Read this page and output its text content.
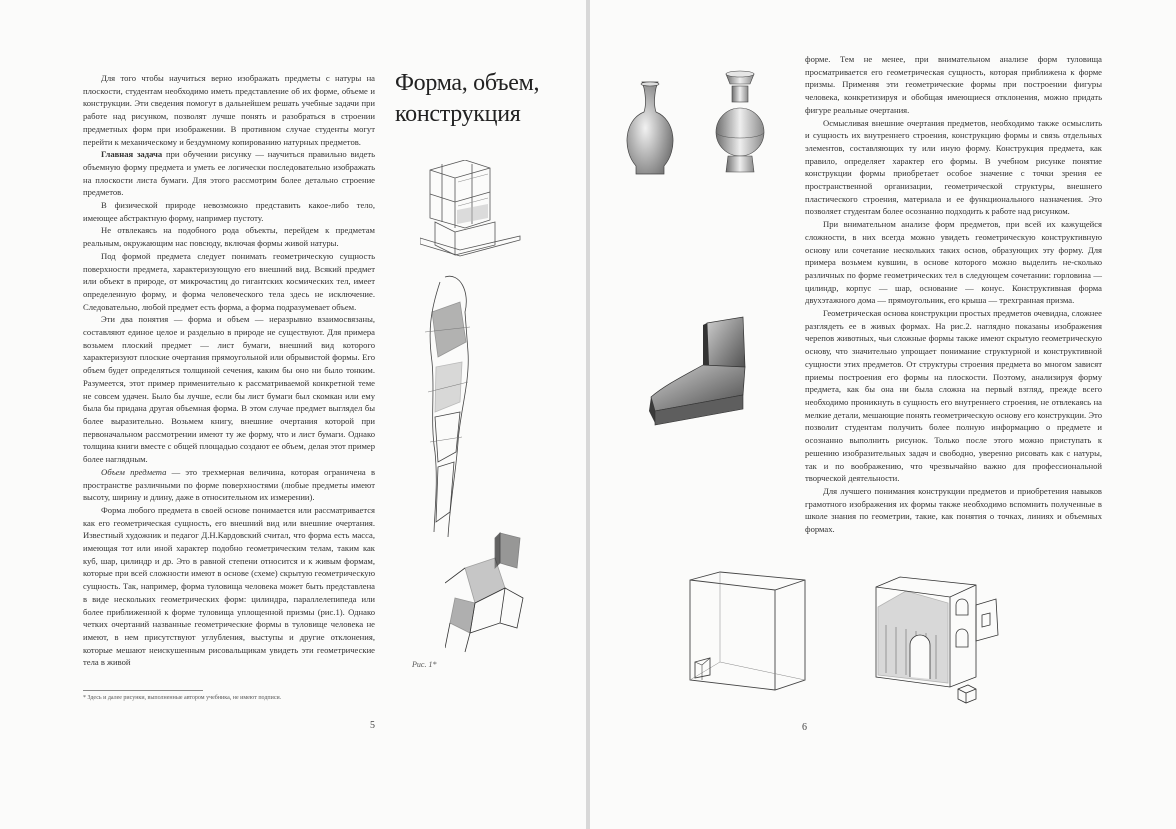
Для того чтобы научиться верно изображать предметы с натуры на плоскости, студентам необходимо иметь представление об их форме, объеме и конструкции. Эти сведения помогут в дальнейшем решать учебные задачи при работе над рисунком, позволят лучше понять и разобраться в строении предметных форм при изображении. В противном случае студенты могут перейти к механическому и бездумному копированию натурных предметов.

Главная задача при обучении рисунку — научиться правильно видеть объемную форму предмета и уметь ее логически последовательно изображать на плоскости листа бумаги. Для этого рассмотрим более детально строение предметов.

В физической природе невозможно представить какое-либо тело, имеющее абстрактную форму, например пустоту.

Не отвлекаясь на подобного рода объекты, перейдем к предметам реальным, окружающим нас повсюду, включая формы живой натуры.

Под формой предмета следует понимать геометрическую сущность поверхности предмета, характеризующую его внешний вид. Всякий предмет или объект в природе, от микрочастиц до гигантских космических тел, имеет определенную форму, и форма человеческого тела здесь не исключение. Следовательно, любой предмет есть форма, а форма подразумевает объем.

Эти два понятия — форма и объем — неразрывно взаимосвязаны, составляют единое целое и раздельно в природе не существуют. Для примера возьмем плоский предмет — лист бумаги, внешний вид которого характеризуют плоские очертания прямоугольной или обрывистой формы. Его объем будет определяться толщиной сечения, каким бы оно ни было тонким. Разумеется, этот пример применительно к рассматриваемой конкретной теме не совсем удачен. Было бы лучше, если бы лист бумаги был скомкан или ему была бы придана другая объемная форма. В этом случае предмет выглядел бы более выразительно. Возьмем книгу, внешние очертания которой при первоначальном рассмотрении имеют ту же форму, что и лист бумаги. Однако толщина книги вместе с общей площадью создают ее объем, делая этот пример более наглядным.

Объем предмета — это трехмерная величина, которая ограничена в пространстве различными по форме поверхностями (любые предметы имеют высоту, ширину и длину, даже в относительном их измерении).

Форма любого предмета в своей основе понимается или рассматривается как его геометрическая сущность, его внешний вид или внешние очертания. Известный художник и педагог Д.Н.Кардовский считал, что форма есть масса, имеющая тот или иной характер подобно геометрическим телам, таким как куб, шар, цилиндр и др. Это в равной степени относится и к живым формам, которые при всей сложности имеют в основе (схеме) скрытую геометрическую сущность. Так, например, форма туловища человека может быть представлена в виде нескольких геометрических форм: цилиндра, параллелепипеда или более приближенной к форме туловища уплощенной призмы (рис.1). Однако четких очертаний названные геометрические формы в туловище человека не имеют, в нем присутствуют углубления, выступы и другие отклонения, которые мешают неискушенным рисовальщикам увидеть эти геометрические тела в живой

Форма, объем, конструкция
Рис. 1*
* Здесь и далее рисунки, выполненные автором учебника, не имеют подписи.
5

форме. Тем не менее, при внимательном анализе форм туловища просматривается его геометрическая сущность, которая приближена к форме призмы. Применяя эти геометрические формы при построении фигуры человека, конкретизируя и обобщая имеющиеся отклонения, можно придать фигуре реальные очертания.

Осмысливая внешние очертания предметов, необходимо также осмыслить и сущность их внутреннего строения, конструкцию формы и связь отдельных элементов, составляющих ту или иную форму. Конструкция предмета, как правило, определяет характер его формы. В учебном рисунке понятие конструкции формы приобретает особое значение с точки зрения ее пространственной организации, геометрической структуры, внешнего пластического строения, материала и ее функционального назначения. Это позволяет студентам более осознанно подходить к работе над рисунком.

При внимательном анализе форм предметов, при всей их кажущейся сложности, в них всегда можно увидеть геометрическую конструктивную основу или сочетание нескольких таких основ, образующих эту форму. Для примера возьмем кувшин, в основе которого можно выделить не-сколько различных по форме геометрических тел в следующем сочетании: горловина — цилиндр, корпус — шар, основание — конус. Конструктивная форма двухэтажного дома — прямоугольник, его крыша — трехгранная призма.

Геометрическая основа конструкции простых предметов очевидна, сложнее разглядеть ее в живых формах. На рис.2. наглядно показаны изображения черепов животных, чьи сложные формы также имеют скрытую геометрическую основу, что значительно упрощает понимание структурной и конструктивной сущности этих предметов. От структуры строения предмета во многом зависят приемы построения его формы на плоскости. Поэтому, анализируя форму предмета, как бы она ни была сложна на первый взгляд, прежде всего необходимо проникнуть в сущность его внутреннего строения, не отвлекаясь на мелкие детали, мешающие понять геометрическую основу его конструкции. Это позволит студентам получить более полную информацию о предмете и осознанно выполнить рисунок. Только после этого можно приступать к решению изобразительных задач и свободно, уверенно рисовать как с натуры, так и по воображению, что чрезвычайно важно для профессиональной творческой деятельности.

Для лучшего понимания конструкции предметов и приобретения навыков грамотного изображения их формы также необходимо вспомнить полученные в школе знания по геометрии, такие, как понятия о точках, линиях и объемных формах.

6
